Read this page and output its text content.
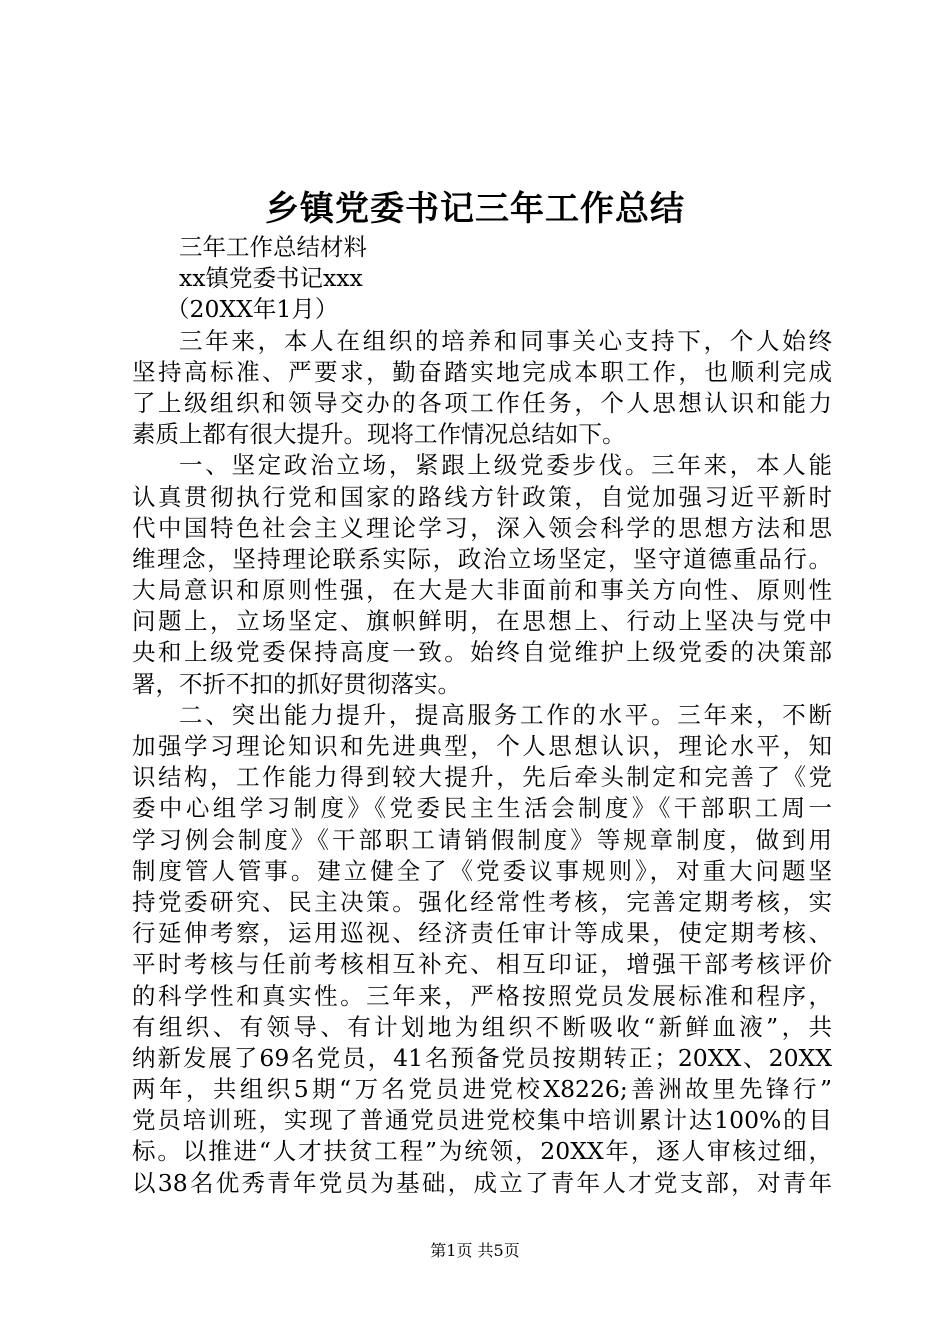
乡镇党委书记三年工作总结
三年工作总结材料
xx镇党委书记xxx
（20XX年1月）
三年来，本人在组织的培养和同事关心支持下，个人始终
坚持高标准、严要求，勤奋踏实地完成本职工作，也顺利完成
了上级组织和领导交办的各项工作任务，个人思想认识和能力
素质上都有很大提升。现将工作情况总结如下。
一、坚定政治立场，紧跟上级党委步伐。三年来，本人能
认真贯彻执行党和国家的路线方针政策，自觉加强习近平新时
代中国特色社会主义理论学习，深入领会科学的思想方法和思
维理念，坚持理论联系实际，政治立场坚定，坚守道德重品行。
大局意识和原则性强，在大是大非面前和事关方向性、原则性
问题上，立场坚定、旗帜鲜明，在思想上、行动上坚决与党中
央和上级党委保持高度一致。始终自觉维护上级党委的决策部
署，不折不扣的抓好贯彻落实。
二、突出能力提升，提高服务工作的水平。三年来，不断
加强学习理论知识和先进典型，个人思想认识，理论水平，知
识结构，工作能力得到较大提升，先后牵头制定和完善了《党
委中心组学习制度》《党委民主生活会制度》《干部职工周一
学习例会制度》《干部职工请销假制度》等规章制度，做到用
制度管人管事。建立健全了《党委议事规则》，对重大问题坚
持党委研究、民主决策。强化经常性考核，完善定期考核，实
行延伸考察，运用巡视、经济责任审计等成果，使定期考核、
平时考核与任前考核相互补充、相互印证，增强干部考核评价
的科学性和真实性。三年来，严格按照党员发展标准和程序，
有组织、有领导、有计划地为组织不断吸收“新鲜血液”，共
纳新发展了69名党员，41名预备党员按期转正；20XX、20XX
两年，共组织5期“万名党员进党校X8226;善洲故里先锋行”
党员培训班，实现了普通党员进党校集中培训累计达100%的目
标。以推进“人才扶贫工程”为统领，20XX年，逐人审核过细，
以38名优秀青年党员为基础，成立了青年人才党支部，对青年
第1页 共5页
